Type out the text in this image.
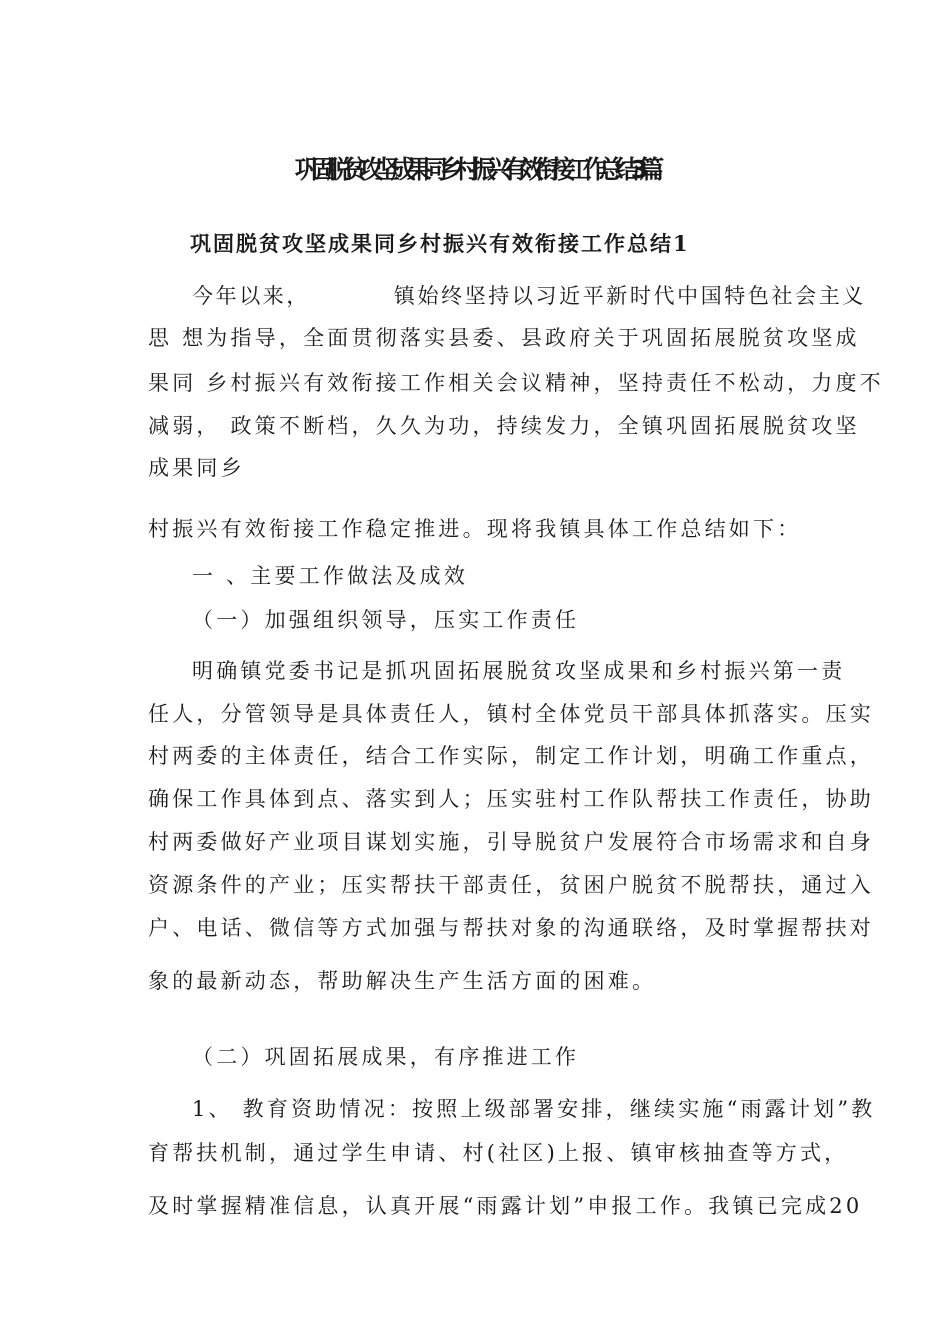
巩固脱贫攻坚成果同乡村振兴有效衔接工作总结3篇
巩固脱贫攻坚成果同乡村振兴有效衔接工作总结1
今年以来，　　　　镇始终坚持以习近平新时代中国特色社会主义
思 想为指导，全面贯彻落实县委、县政府关于巩固拓展脱贫攻坚成
果同 乡村振兴有效衔接工作相关会议精神，坚持责任不松动，力度不
减弱， 政策不断档，久久为功，持续发力，全镇巩固拓展脱贫攻坚
成果同乡
村振兴有效衔接工作稳定推进。现将我镇具体工作总结如下：
一 、主要工作做法及成效
（一）加强组织领导，压实工作责任
明确镇党委书记是抓巩固拓展脱贫攻坚成果和乡村振兴第一责
任人，分管领导是具体责任人，镇村全体党员干部具体抓落实。压实
村两委的主体责任，结合工作实际，制定工作计划，明确工作重点，
确保工作具体到点、落实到人；压实驻村工作队帮扶工作责任，协助
村两委做好产业项目谋划实施，引导脱贫户发展符合市场需求和自身
资源条件的产业；压实帮扶干部责任，贫困户脱贫不脱帮扶，通过入
户、电话、微信等方式加强与帮扶对象的沟通联络，及时掌握帮扶对
象的最新动态，帮助解决生产生活方面的困难。
（二）巩固拓展成果，有序推进工作
1、 教育资助情况：按照上级部署安排，继续实施“雨露计划”教
育帮扶机制，通过学生申请、村(社区)上报、镇审核抽查等方式，
及时掌握精准信息，认真开展“雨露计划”申报工作。我镇已完成20
